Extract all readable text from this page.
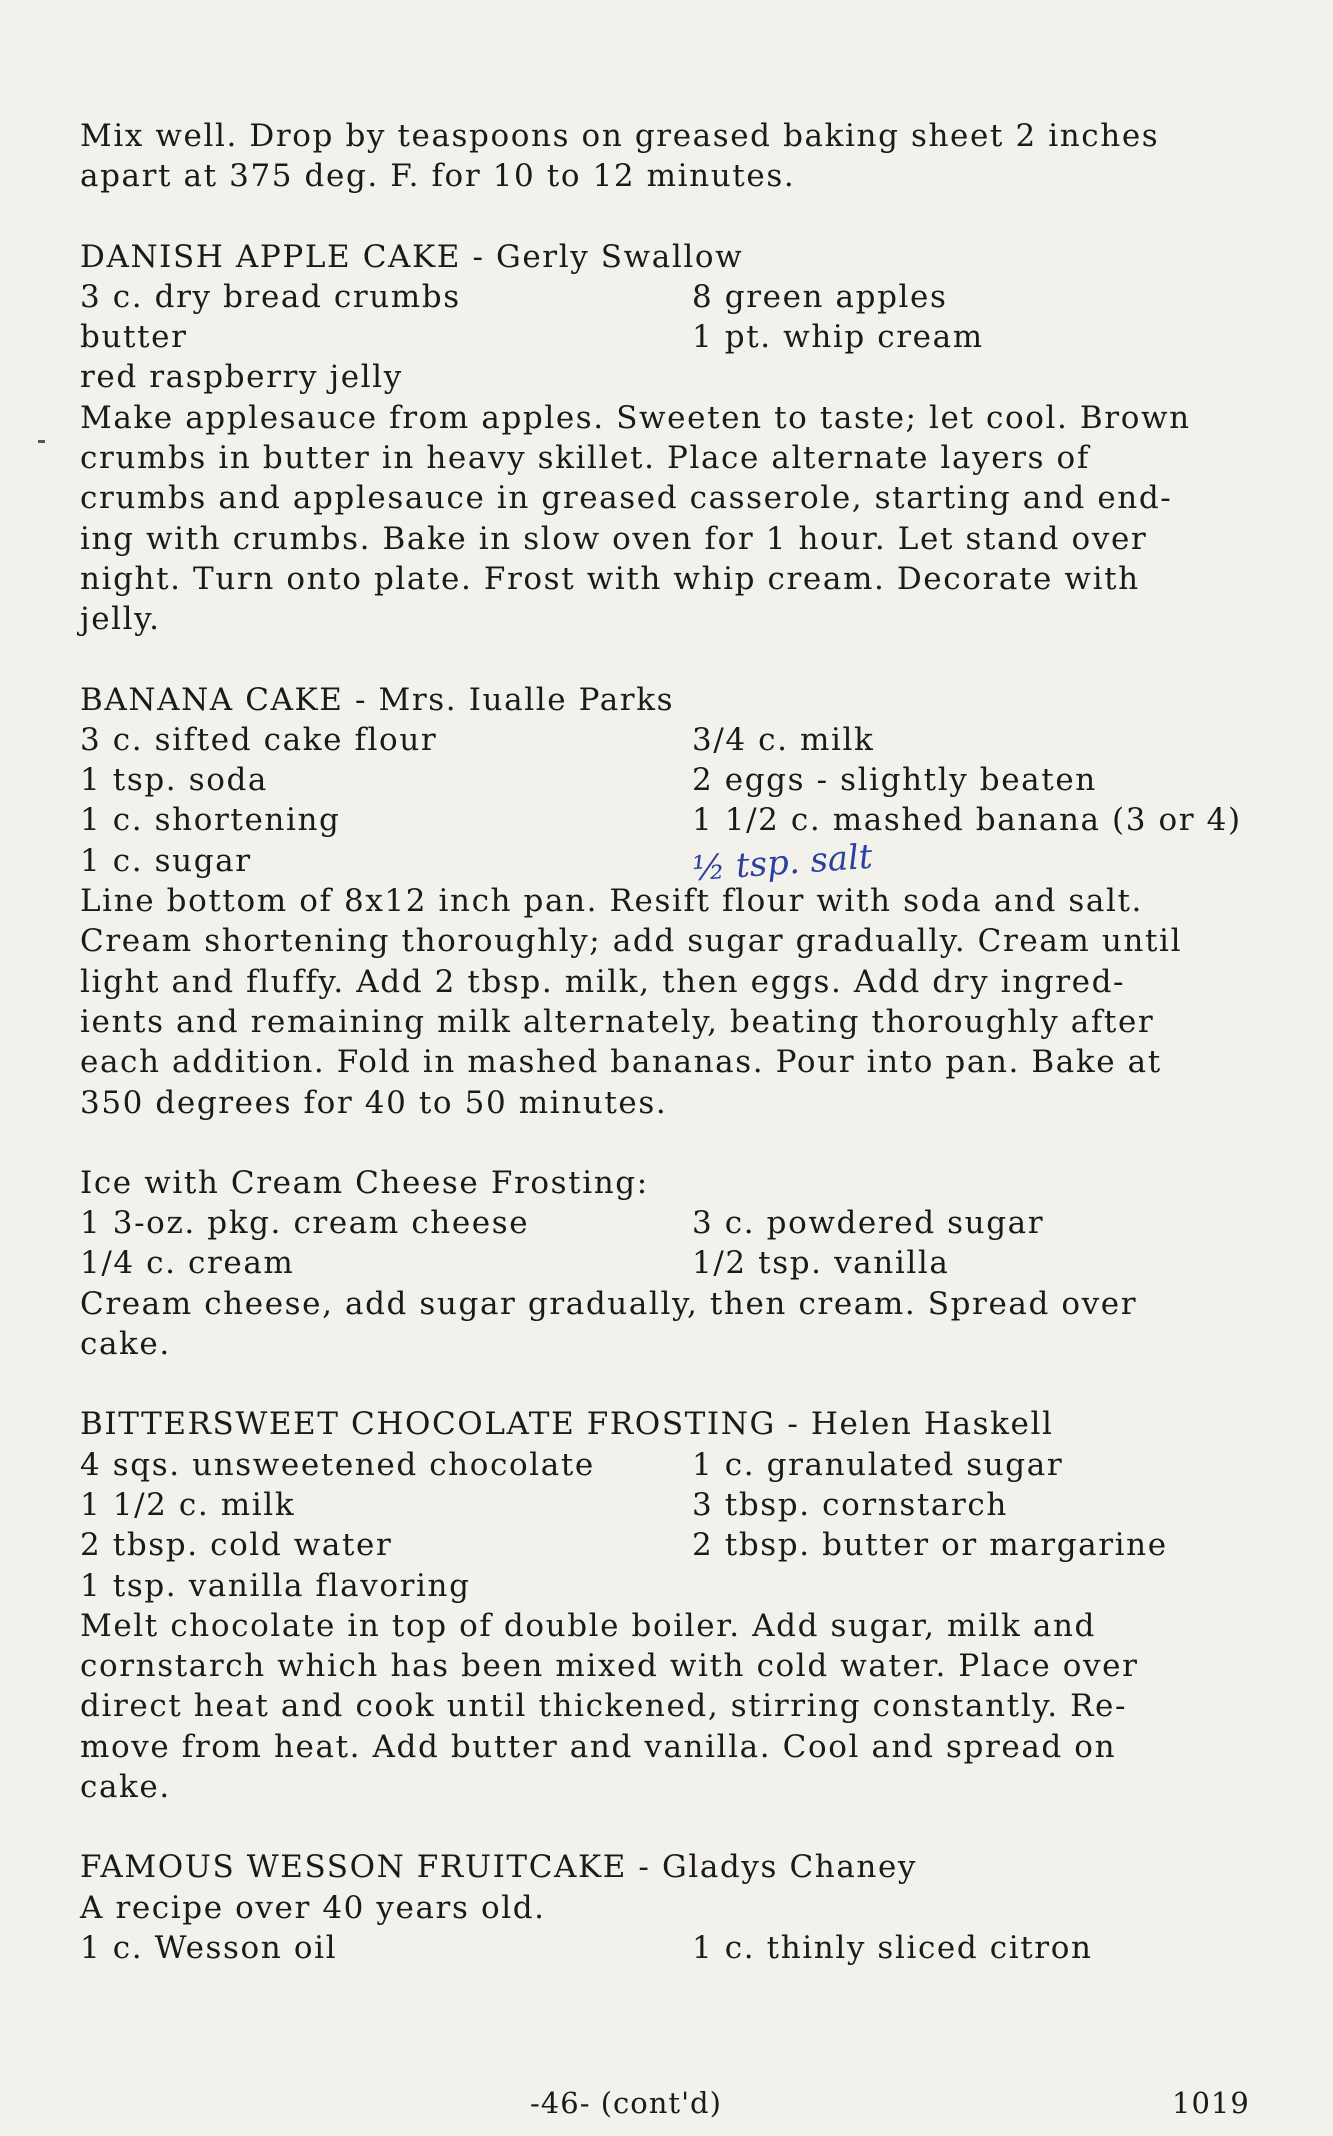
Mix well. Drop by teaspoons on greased baking sheet 2 inches
apart at 375 deg. F. for 10 to 12 minutes.
DANISH APPLE CAKE - Gerly Swallow
3 c. dry bread crumbs	8 green apples
butter	1 pt. whip cream
red raspberry jelly
Make applesauce from apples. Sweeten to taste; let cool. Brown
crumbs in butter in heavy skillet. Place alternate layers of
crumbs and applesauce in greased casserole, starting and end-
ing with crumbs. Bake in slow oven for 1 hour. Let stand over
night. Turn onto plate. Frost with whip cream. Decorate with
jelly.
BANANA CAKE - Mrs. Iualle Parks
3 c. sifted cake flour	3/4 c. milk
1 tsp. soda	2 eggs - slightly beaten
1 c. shortening	1 1/2 c. mashed banana (3 or 4)
1 c. sugar	½ tsp. salt
Line bottom of 8x12 inch pan. Resift flour with soda and salt.
Cream shortening thoroughly; add sugar gradually. Cream until
light and fluffy. Add 2 tbsp. milk, then eggs. Add dry ingred-
ients and remaining milk alternately, beating thoroughly after
each addition. Fold in mashed bananas. Pour into pan. Bake at
350 degrees for 40 to 50 minutes.
Ice with Cream Cheese Frosting:
1 3-oz. pkg. cream cheese	3 c. powdered sugar
1/4 c. cream	1/2 tsp. vanilla
Cream cheese, add sugar gradually, then cream. Spread over
cake.
BITTERSWEET CHOCOLATE FROSTING - Helen Haskell
4 sqs. unsweetened chocolate	1 c. granulated sugar
1 1/2 c. milk	3 tbsp. cornstarch
2 tbsp. cold water	2 tbsp. butter or margarine
1 tsp. vanilla flavoring
Melt chocolate in top of double boiler. Add sugar, milk and
cornstarch which has been mixed with cold water. Place over
direct heat and cook until thickened, stirring constantly. Re-
move from heat. Add butter and vanilla. Cool and spread on
cake.
FAMOUS WESSON FRUITCAKE - Gladys Chaney
A recipe over 40 years old.
1 c. Wesson oil	1 c. thinly sliced citron
-46- (cont'd)	1019
